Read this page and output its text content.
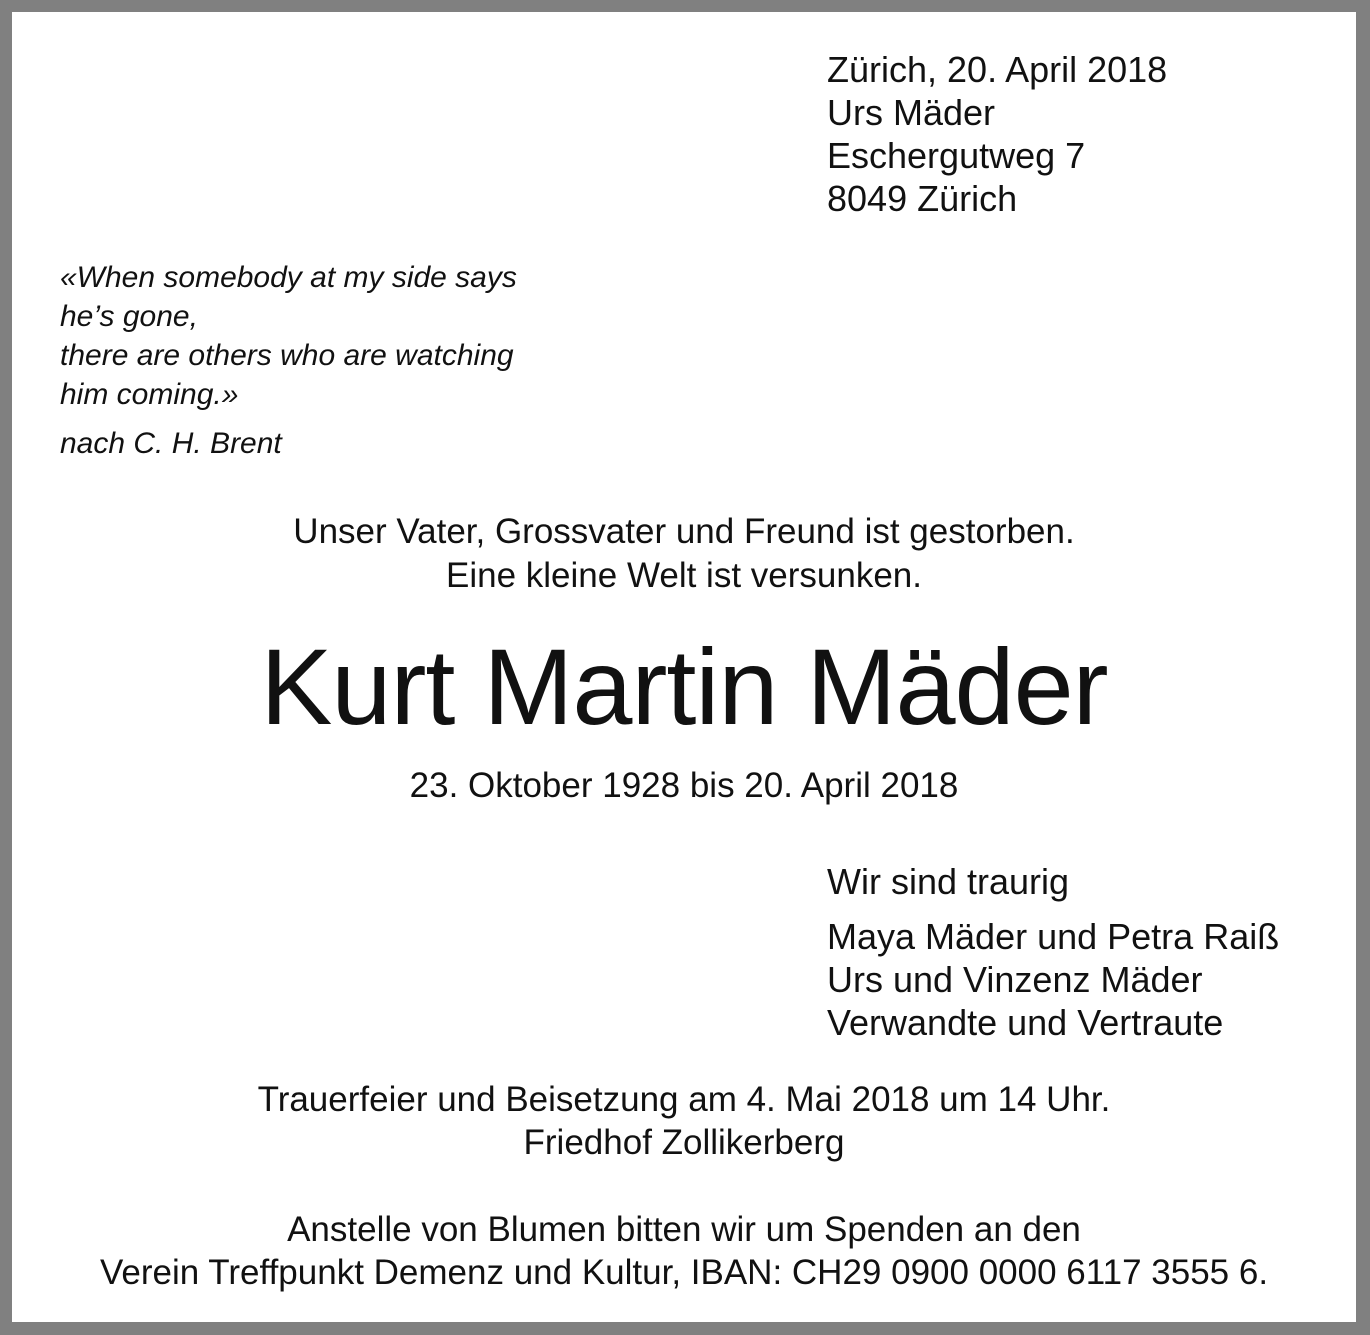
Zürich, 20. April 2018
Urs Mäder
Eschergutweg 7
8049 Zürich
«When somebody at my side says
he’s gone,
there are others who are watching
him coming.»
nach C. H. Brent
Unser Vater, Grossvater und Freund ist gestorben.
Eine kleine Welt ist versunken.
Kurt Martin Mäder
23. Oktober 1928 bis 20. April 2018
Wir sind traurig
Maya Mäder und Petra Raiß
Urs und Vinzenz Mäder
Verwandte und Vertraute
Trauerfeier und Beisetzung am 4. Mai 2018 um 14 Uhr.
Friedhof Zollikerberg
Anstelle von Blumen bitten wir um Spenden an den
Verein Treffpunkt Demenz und Kultur, IBAN: CH29 0900 0000 6117 3555 6.
